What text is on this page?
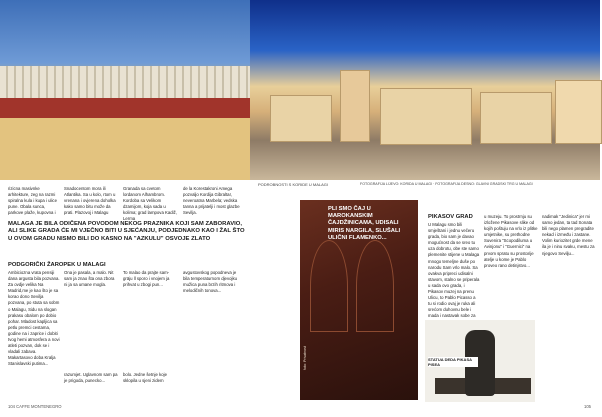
PODROBNOSTI S KORIDE U MALAGI	FOTOGRAFIJA LIJEVO: KORIDA U MALAGI · FOTOGRAFIJA DESNO: GLAVNI GRADSKI TRG U MALAGI
rizicna masivnke arhitekture, zeg na razmi spiralna kula i kupa i ulice pune. Obala sunca, parkove plaže, kupovna i
Snadocentom mora ili Atlantika. Sa u kolo, rtom u vrenana i ovjerena doholka kako samo bitu može da prati. Plazovoj i Malagu
Granada sa cvetom lordanom Alhambrom. Kordoba sa Velikom dzamijom, koja sada u kolima; grad lampova Kadiž, Lerma
de la Korestakroni Amega pozvaljo Kordija Gibraltar, neveroatna Marbela; vedska tanna a prijatelji i most glazbe Sevilja.
MALAGA JE BILA ODIČENA POVODOM NEKOG PRAZNIKA KOJI SAM ZABORAVIO, ALI SLIKE GRADA ĆE MI VJEČNO BITI U SJEĆANJU, PODJEDNAKO KAO I ŽAL ŠTO U OVOM GRADU NISMO BILI DO KASNO NA "AZKULU" OSVOJE ZLATO
PODGORIČKI ŽAROPEK U MALAGI
Ambiciozna vrata pensiji dana argusta bila pozvana. Za ovdje velika Na Madrid,me je kao što je sa korao dono Sevilja pozvana, po stuta sa sobm o Malagu, Sidu na slogan prakasu obalom po dobio pohar. Mladost kapljica sa petlu premci cestama, godine na i zaprice i dobiti tvog hemi atmosfera a novi atleti pozvan, dok se i vladali zabava. Makartasovo doba Kralja Stanislavski putima...
Ona je pasala, a malo. Nit sam ja znao šta ona zbora ni ja sa umane mogla.
razumjet. Uglavnom sam pa je prigoda, punecko...
To malao da prajte sam- grāju ll sporo i vnojem ja prihvat u zbogi pun...
bolo. Jedne šetnje koje sklopila u sjeni zidem
avgustovskog popodneva je bila temperaturnom djevojku mužica puna brzih ritmova i melodičnih tonova...
PLI SMO ČAJ U MAROKANSKIM ČAJDŽINICAMA, UDISALI MIRIS NARGILA, SLUŠALI ULIČNI FLAMENKO...
foto: Privatnost
PIKASOV GRAD
U Malagu smo bili smještani i jednu večeru grada, bio sam je davao mogućnost da se sreo tu uza dobrotu, obe ste samo plemenite stijene u Malaga mnogo temeljne duše po narodu Sam vrlo malo. Sa ovakva pripreci udisalni stavom, stalno se priperala u sada ovo grada, i Pikasov muzej na prenu Ulicu, to Pablo Picasso a tu si rodio ovaj je ruka ali srećom duhovnu bele i mada i nastavak sobe za
u muzeju. To prostrnju su izložene Pikasove slike od kojih poštuju na vrlo iz plitke umjetnike, su prethodne Suvenira "Scopodiluma u Avinjonu" i "Guernici" na prvom spratu su prostorije atelje u kome je Pablo proveo rano detinjstvo...
nadimak "Jedinica" jer mi samo jedan, ta tad Sonata bili nego plamen pregradite nekad i između i zastane. Volim kuriozitet grde mene ila je i ninu svaku, mestu za njegovo Sevilju...
STATUA DEDA PIKASA PISEA
104 CAFFE MONTENEGRO	105
